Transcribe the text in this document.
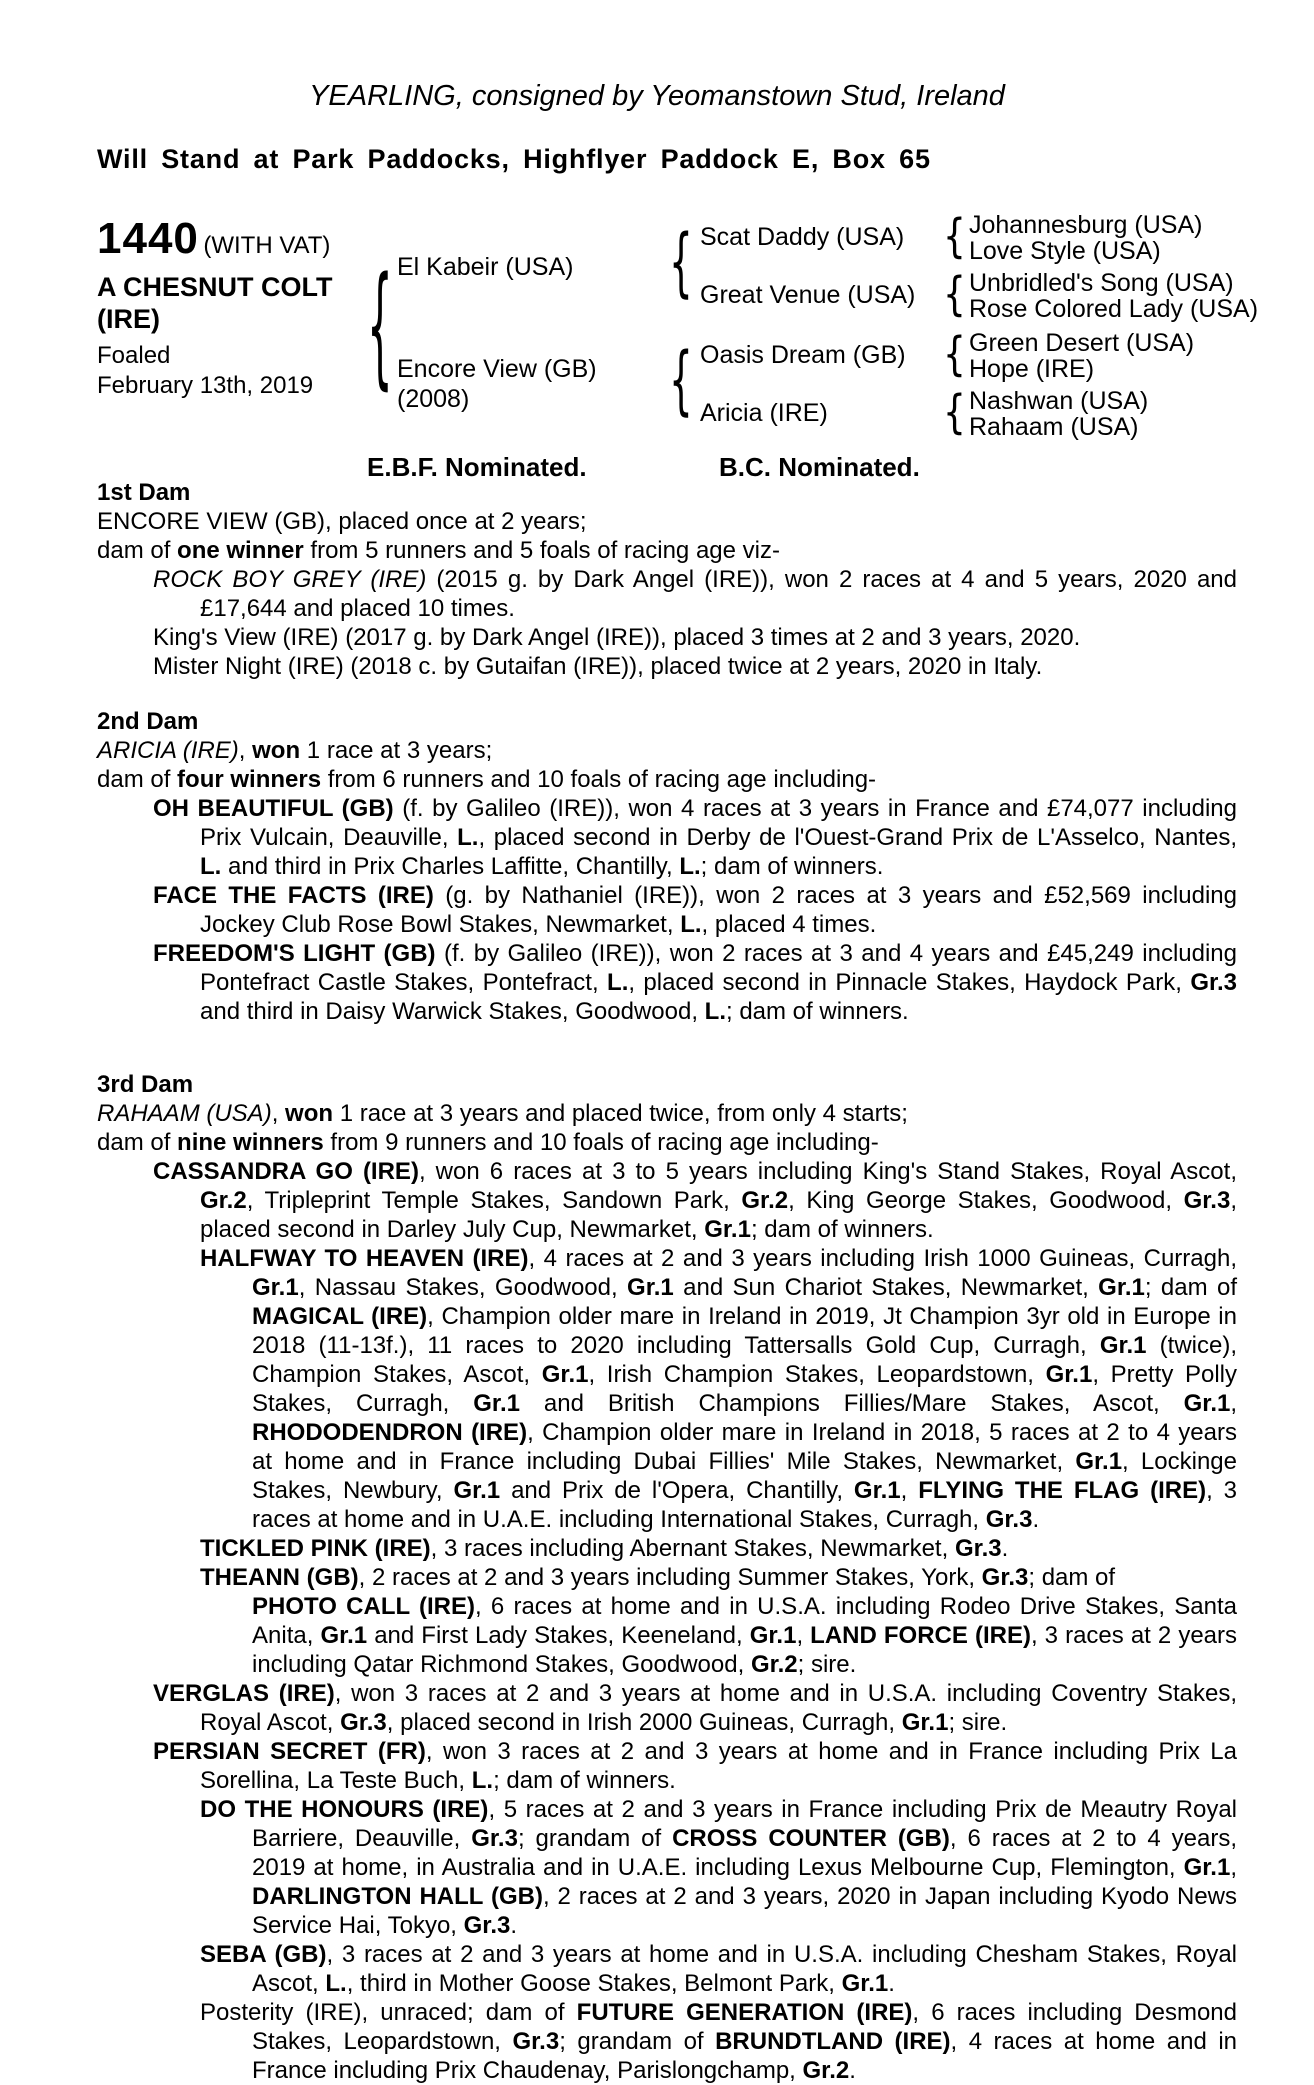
YEARLING, consigned by Yeomanstown Stud, Ireland
Will Stand at Park Paddocks, Highflyer Paddock E, Box 65
1440 (WITH VAT)
A CHESNUT COLT
(IRE)
Foaled
February 13th, 2019 { El Kabeir (USA)
Encore View (GB)
(2008)
{
{
Scat Daddy (USA)
Great Venue (USA)
Oasis Dream (GB)
Aricia (IRE)
{
{
{
{
Johannesburg (USA)
Love Style (USA)
Unbridled's Song (USA)
Rose Colored Lady (USA)
Green Desert (USA)
Hope (IRE)
Nashwan (USA)
Rahaam (USA)
E.B.F. Nominated.	B.C. Nominated.
1st Dam

ENCORE VIEW (GB), placed once at 2 years;

dam of one winner from 5 runners and 5 foals of racing age viz-

ROCK BOY GREY (IRE) (2015 g. by Dark Angel (IRE)), won 2 races at 4 and 5 years, 2020 and £17,644 and placed 10 times.

King's View (IRE) (2017 g. by Dark Angel (IRE)), placed 3 times at 2 and 3 years, 2020.

Mister Night (IRE) (2018 c. by Gutaifan (IRE)), placed twice at 2 years, 2020 in Italy.

2nd Dam

ARICIA (IRE), won 1 race at 3 years;

dam of four winners from 6 runners and 10 foals of racing age including-

OH BEAUTIFUL (GB) (f. by Galileo (IRE)), won 4 races at 3 years in France and £74,077 including Prix Vulcain, Deauville, L., placed second in Derby de l'Ouest-Grand Prix de L'Asselco, Nantes, L. and third in Prix Charles Laffitte, Chantilly, L.; dam of winners.

FACE THE FACTS (IRE) (g. by Nathaniel (IRE)), won 2 races at 3 years and £52,569 including Jockey Club Rose Bowl Stakes, Newmarket, L., placed 4 times.

FREEDOM'S LIGHT (GB) (f. by Galileo (IRE)), won 2 races at 3 and 4 years and £45,249 including Pontefract Castle Stakes, Pontefract, L., placed second in Pinnacle Stakes, Haydock Park, Gr.3 and third in Daisy Warwick Stakes, Goodwood, L.; dam of winners.

3rd Dam

RAHAAM (USA), won 1 race at 3 years and placed twice, from only 4 starts;

dam of nine winners from 9 runners and 10 foals of racing age including-

CASSANDRA GO (IRE), won 6 races at 3 to 5 years including King's Stand Stakes, Royal Ascot, Gr.2, Tripleprint Temple Stakes, Sandown Park, Gr.2, King George Stakes, Goodwood, Gr.3, placed second in Darley July Cup, Newmarket, Gr.1; dam of winners.

HALFWAY TO HEAVEN (IRE), 4 races at 2 and 3 years including Irish 1000 Guineas, Curragh, Gr.1, Nassau Stakes, Goodwood, Gr.1 and Sun Chariot Stakes, Newmarket, Gr.1; dam of MAGICAL (IRE), Champion older mare in Ireland in 2019, Jt Champion 3yr old in Europe in 2018 (11-13f.), 11 races to 2020 including Tattersalls Gold Cup, Curragh, Gr.1 (twice), Champion Stakes, Ascot, Gr.1, Irish Champion Stakes, Leopardstown, Gr.1, Pretty Polly Stakes, Curragh, Gr.1 and British Champions Fillies/Mare Stakes, Ascot, Gr.1, RHODODENDRON (IRE), Champion older mare in Ireland in 2018, 5 races at 2 to 4 years at home and in France including Dubai Fillies' Mile Stakes, Newmarket, Gr.1, Lockinge Stakes, Newbury, Gr.1 and Prix de l'Opera, Chantilly, Gr.1, FLYING THE FLAG (IRE), 3 races at home and in U.A.E. including International Stakes, Curragh, Gr.3.

TICKLED PINK (IRE), 3 races including Abernant Stakes, Newmarket, Gr.3.

THEANN (GB), 2 races at 2 and 3 years including Summer Stakes, York, Gr.3; dam of

PHOTO CALL (IRE), 6 races at home and in U.S.A. including Rodeo Drive Stakes, Santa Anita, Gr.1 and First Lady Stakes, Keeneland, Gr.1, LAND FORCE (IRE), 3 races at 2 years including Qatar Richmond Stakes, Goodwood, Gr.2; sire.

VERGLAS (IRE), won 3 races at 2 and 3 years at home and in U.S.A. including Coventry Stakes, Royal Ascot, Gr.3, placed second in Irish 2000 Guineas, Curragh, Gr.1; sire.

PERSIAN SECRET (FR), won 3 races at 2 and 3 years at home and in France including Prix La Sorellina, La Teste Buch, L.; dam of winners.

DO THE HONOURS (IRE), 5 races at 2 and 3 years in France including Prix de Meautry Royal Barriere, Deauville, Gr.3; grandam of CROSS COUNTER (GB), 6 races at 2 to 4 years, 2019 at home, in Australia and in U.A.E. including Lexus Melbourne Cup, Flemington, Gr.1, DARLINGTON HALL (GB), 2 races at 2 and 3 years, 2020 in Japan including Kyodo News Service Hai, Tokyo, Gr.3.

SEBA (GB), 3 races at 2 and 3 years at home and in U.S.A. including Chesham Stakes, Royal Ascot, L., third in Mother Goose Stakes, Belmont Park, Gr.1.

Posterity (IRE), unraced; dam of FUTURE GENERATION (IRE), 6 races including Desmond Stakes, Leopardstown, Gr.3; grandam of BRUNDTLAND (IRE), 4 races at home and in France including Prix Chaudenay, Parislongchamp, Gr.2.
